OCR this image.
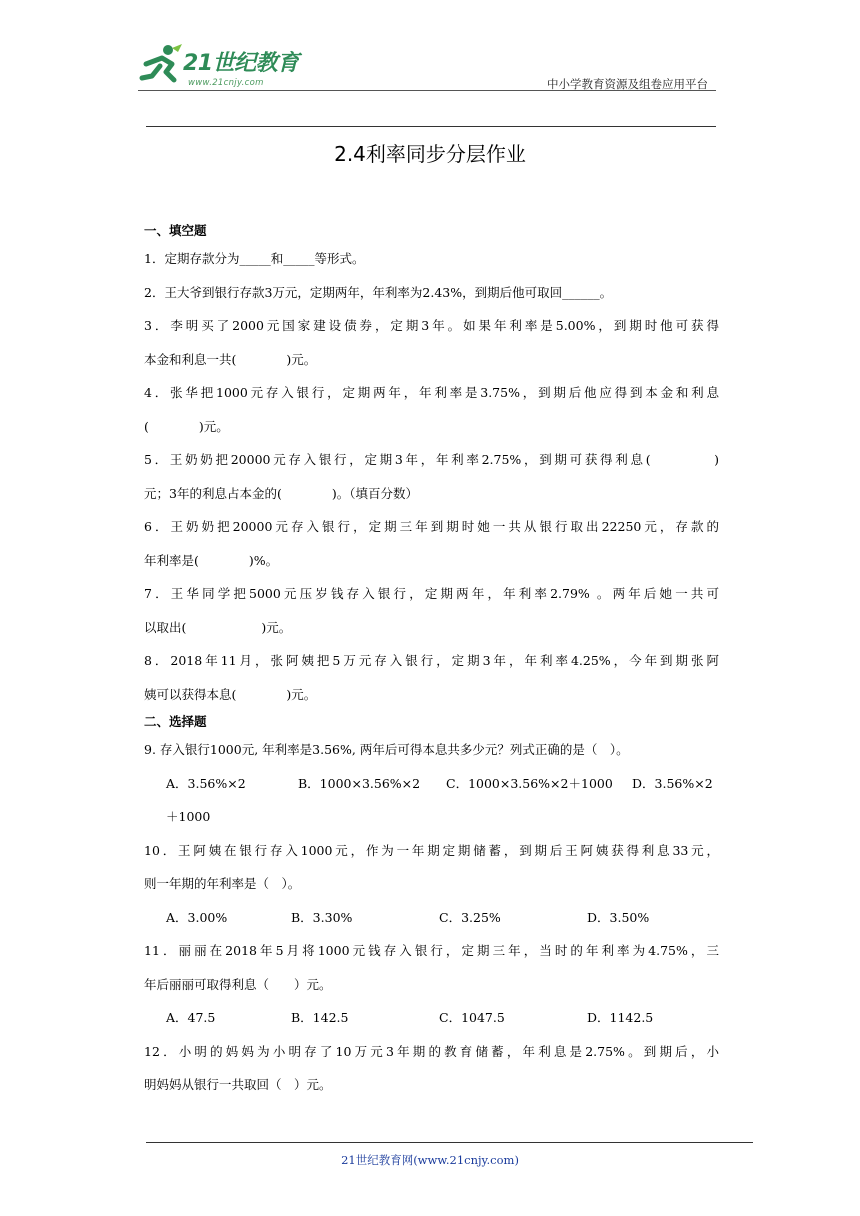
21世纪教育
www.21cnjy.com	中小学教育资源及组卷应用平台
2.4利率同步分层作业
一、填空题
1．定期存款分为_____和_____等形式。
2．王大爷到银行存款3万元，定期两年，年利率为2.43%，到期后他可取回______。
3．李明买了2000元国家建设债券，定期3年。如果年利率是5.00%，到期时他可获得
本金和利息一共(　　　　)元。
4．张华把1000元存入银行，定期两年，年利率是3.75%，到期后他应得到本金和利息
(　　　　)元。
5．王奶奶把20000元存入银行，定期3年，年利率2.75%，到期可获得利息(　　　　)
元；3年的利息占本金的(　　　　)。（填百分数）
6．王奶奶把20000元存入银行，定期三年到期时她一共从银行取出22250元，存款的
年利率是(　　　　)%。
7．王华同学把5000元压岁钱存入银行，定期两年，年利率2.79% 。两年后她一共可
以取出(　　　　　　)元。
8．2018年11月，张阿姨把5万元存入银行，定期3年，年利率4.25%，今年到期张阿
姨可以获得本息(　　　　)元。
二、选择题
9. 存入银行1000元, 年利率是3.56%, 两年后可得本息共多少元？列式正确的是（　）。
A．3.56%×2	B．1000×3.56%×2	C．1000×3.56%×2＋1000	D．3.56%×2
＋1000
10．王阿姨在银行存入1000元，作为一年期定期储蓄，到期后王阿姨获得利息33元，
则一年期的年利率是（　）。
A．3.00%	B．3.30%	C．3.25%	D．3.50%
11．丽丽在2018年5月将1000元钱存入银行，定期三年，当时的年利率为4.75%，三
年后丽丽可取得利息（　　）元。
A．47.5	B．142.5	C．1047.5	D．1142.5
12．小明的妈妈为小明存了10万元3年期的教育储蓄，年利息是2.75%。到期后，小
明妈妈从银行一共取回（　）元。
21世纪教育网(www.21cnjy.com)
